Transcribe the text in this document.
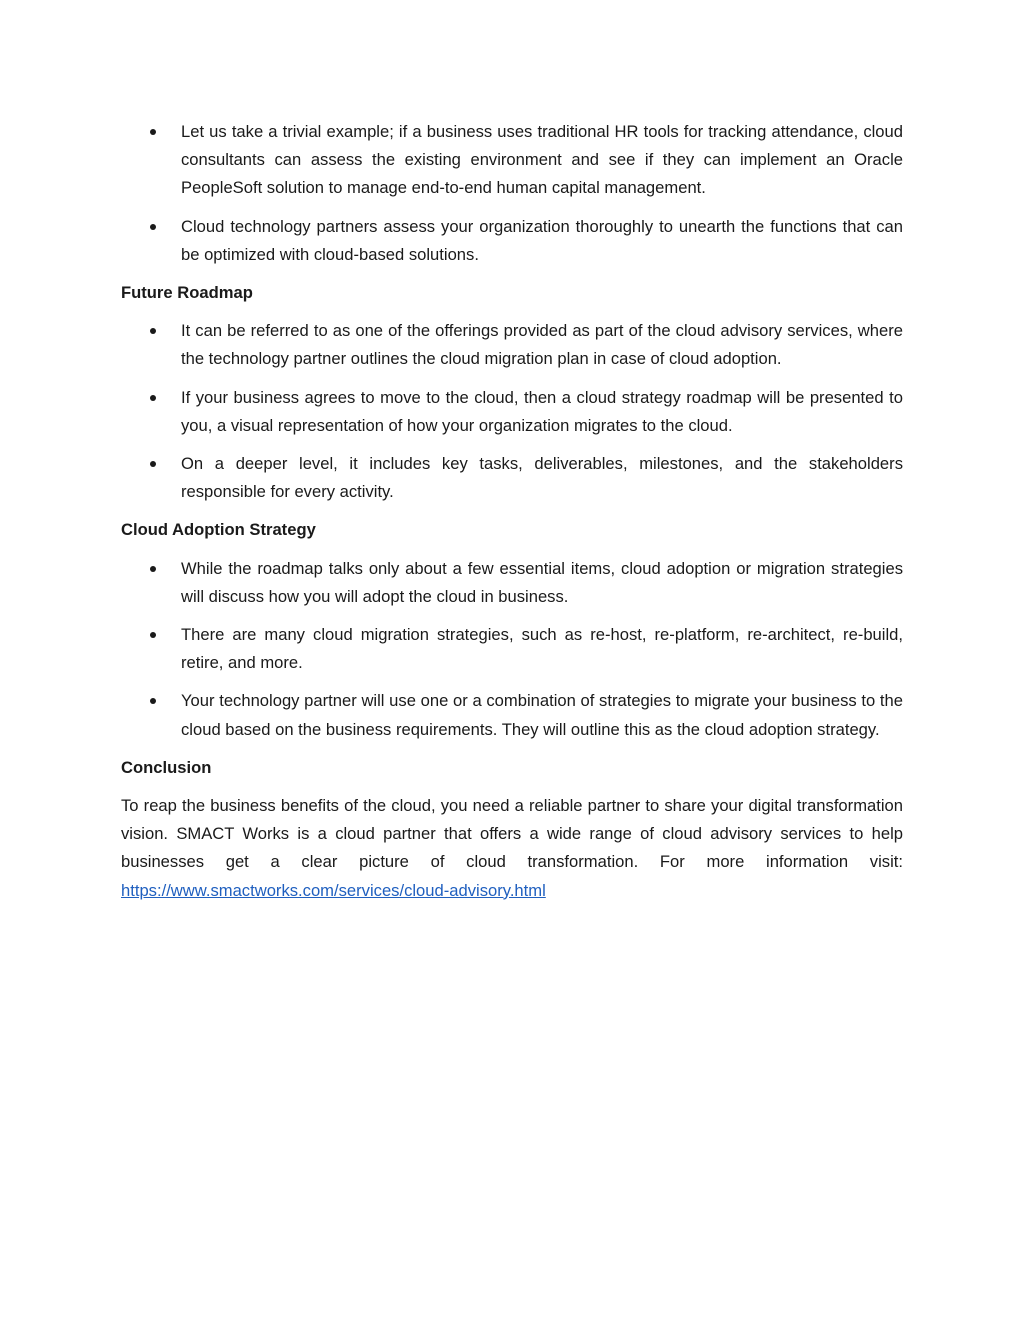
Let us take a trivial example; if a business uses traditional HR tools for tracking attendance, cloud consultants can assess the existing environment and see if they can implement an Oracle PeopleSoft solution to manage end-to-end human capital management.
Cloud technology partners assess your organization thoroughly to unearth the functions that can be optimized with cloud-based solutions.
Future Roadmap
It can be referred to as one of the offerings provided as part of the cloud advisory services, where the technology partner outlines the cloud migration plan in case of cloud adoption.
If your business agrees to move to the cloud, then a cloud strategy roadmap will be presented to you, a visual representation of how your organization migrates to the cloud.
On a deeper level, it includes key tasks, deliverables, milestones, and the stakeholders responsible for every activity.
Cloud Adoption Strategy
While the roadmap talks only about a few essential items, cloud adoption or migration strategies will discuss how you will adopt the cloud in business.
There are many cloud migration strategies, such as re-host, re-platform, re-architect, re-build, retire, and more.
Your technology partner will use one or a combination of strategies to migrate your business to the cloud based on the business requirements. They will outline this as the cloud adoption strategy.
Conclusion

To reap the business benefits of the cloud, you need a reliable partner to share your digital transformation vision. SMACT Works is a cloud partner that offers a wide range of cloud advisory services to help businesses get a clear picture of cloud transformation. For more information visit: https://www.smactworks.com/services/cloud-advisory.html
